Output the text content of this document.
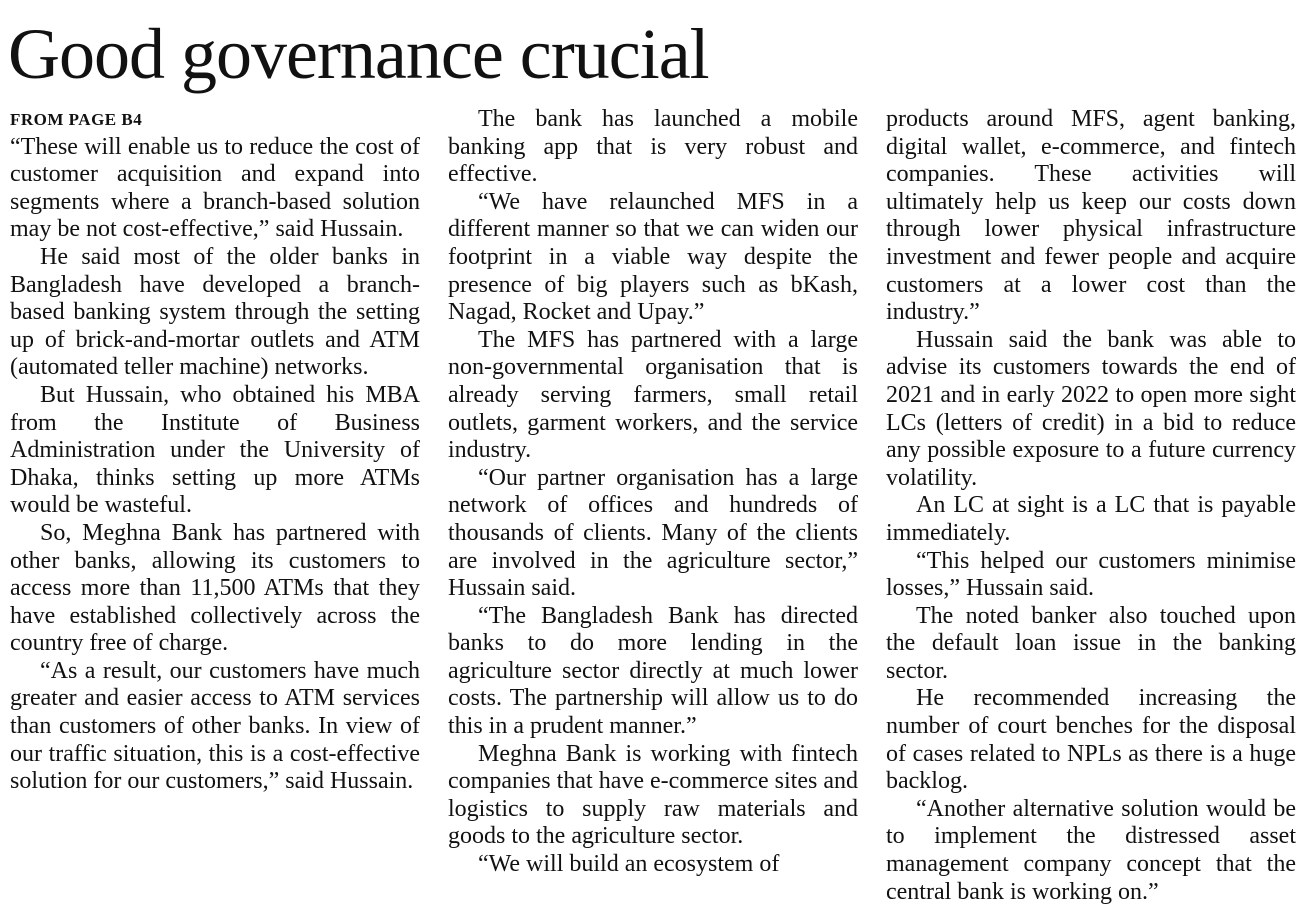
Good governance crucial
FROM PAGE B4

“These will enable us to reduce the cost of customer acquisition and expand into segments where a branch-based solution may be not cost-effective,” said Hussain.

He said most of the older banks in Bangladesh have developed a branch-based banking system through the setting up of brick-and-mortar outlets and ATM (automated teller machine) networks.

But Hussain, who obtained his MBA from the Institute of Business Administration under the University of Dhaka, thinks setting up more ATMs would be wasteful.

So, Meghna Bank has partnered with other banks, allowing its customers to access more than 11,500 ATMs that they have established collectively across the country free of charge.

“As a result, our customers have much greater and easier access to ATM services than customers of other banks. In view of our traffic situation, this is a cost-effective solution for our customers,” said Hussain.

The bank has launched a mobile banking app that is very robust and effective.

“We have relaunched MFS in a different manner so that we can widen our footprint in a viable way despite the presence of big players such as bKash, Nagad, Rocket and Upay.”

The MFS has partnered with a large non-governmental organisation that is already serving farmers, small retail outlets, garment workers, and the service industry.

“Our partner organisation has a large network of offices and hundreds of thousands of clients. Many of the clients are involved in the agriculture sector,” Hussain said.

“The Bangladesh Bank has directed banks to do more lending in the agriculture sector directly at much lower costs. The partnership will allow us to do this in a prudent manner.”

Meghna Bank is working with fintech companies that have e-commerce sites and logistics to supply raw materials and goods to the agriculture sector.

“We will build an ecosystem of

products around MFS, agent banking, digital wallet, e-commerce, and fintech companies. These activities will ultimately help us keep our costs down through lower physical infrastructure investment and fewer people and acquire customers at a lower cost than the industry.”

Hussain said the bank was able to advise its customers towards the end of 2021 and in early 2022 to open more sight LCs (letters of credit) in a bid to reduce any possible exposure to a future currency volatility.

An LC at sight is a LC that is payable immediately.

“This helped our customers minimise losses,” Hussain said.

The noted banker also touched upon the default loan issue in the banking sector.

He recommended increasing the number of court benches for the disposal of cases related to NPLs as there is a huge backlog.

“Another alternative solution would be to implement the distressed asset management company concept that the central bank is working on.”
